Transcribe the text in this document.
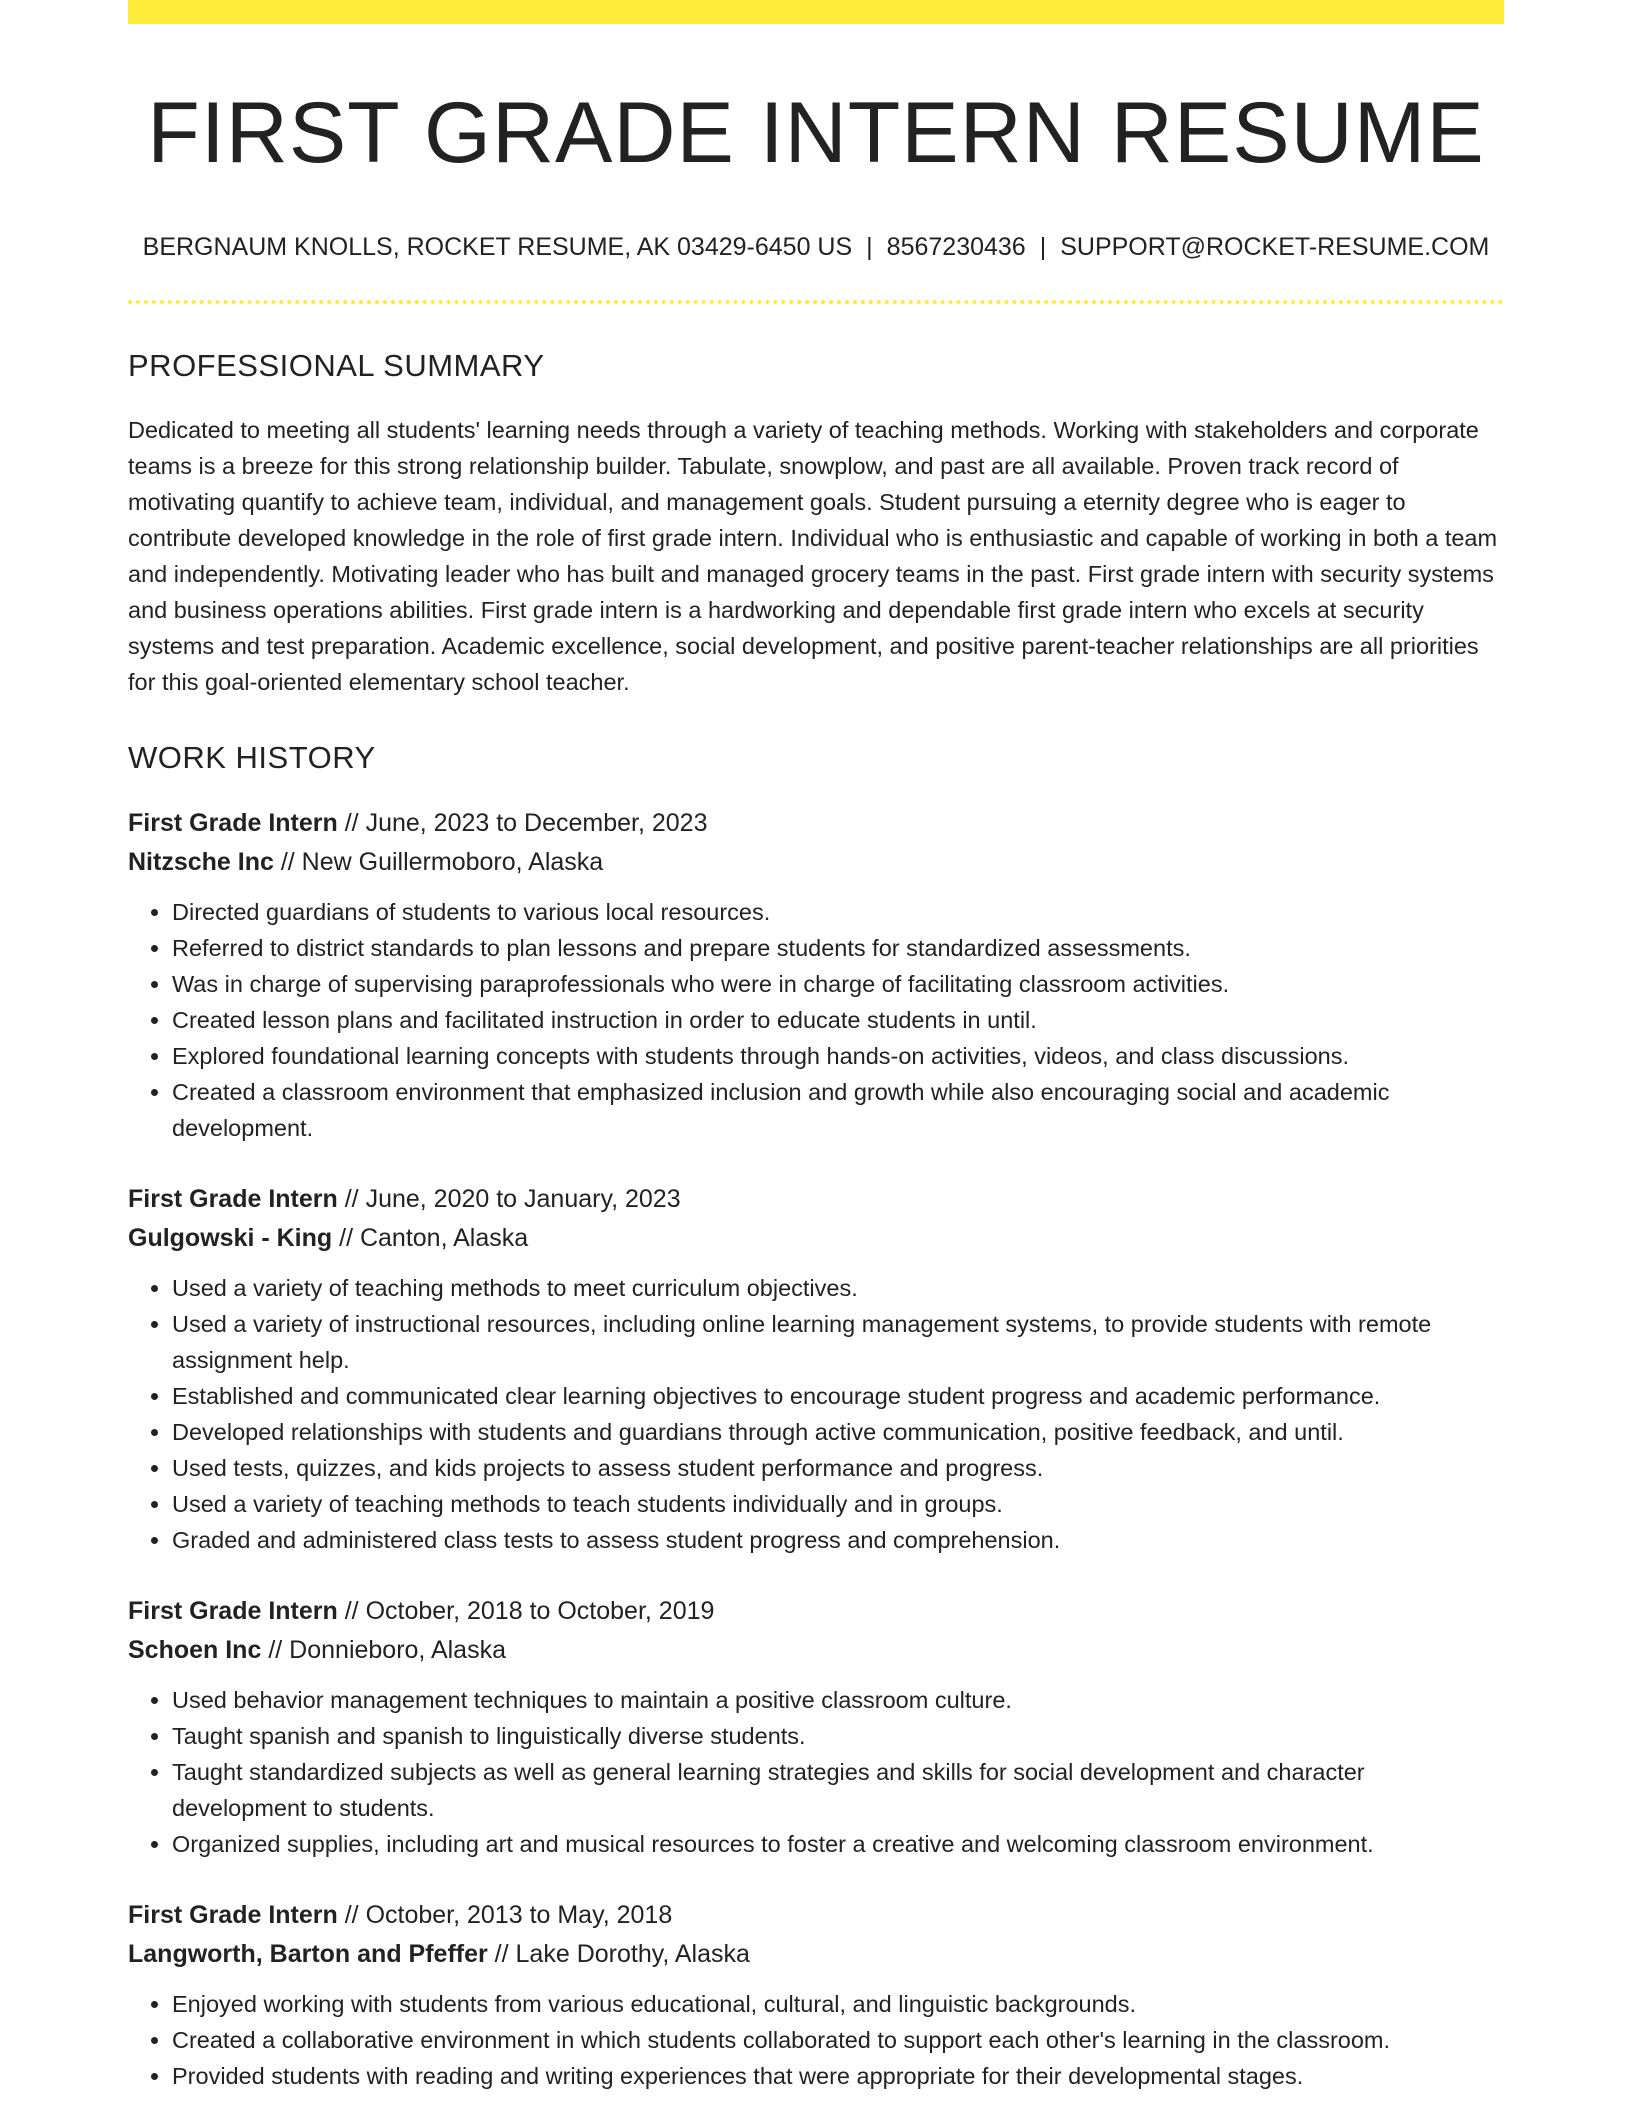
FIRST GRADE INTERN RESUME
BERGNAUM KNOLLS, ROCKET RESUME, AK 03429-6450 US | 8567230436 | SUPPORT@ROCKET-RESUME.COM
PROFESSIONAL SUMMARY

Dedicated to meeting all students' learning needs through a variety of teaching methods. Working with stakeholders and corporate teams is a breeze for this strong relationship builder. Tabulate, snowplow, and past are all available. Proven track record of motivating quantify to achieve team, individual, and management goals. Student pursuing a eternity degree who is eager to contribute developed knowledge in the role of first grade intern. Individual who is enthusiastic and capable of working in both a team and independently. Motivating leader who has built and managed grocery teams in the past. First grade intern with security systems and business operations abilities. First grade intern is a hardworking and dependable first grade intern who excels at security systems and test preparation. Academic excellence, social development, and positive parent-teacher relationships are all priorities for this goal-oriented elementary school teacher.

WORK HISTORY
First Grade Intern // June, 2023 to December, 2023
Nitzsche Inc // New Guillermoboro, Alaska
• Directed guardians of students to various local resources.
• Referred to district standards to plan lessons and prepare students for standardized assessments.
• Was in charge of supervising paraprofessionals who were in charge of facilitating classroom activities.
• Created lesson plans and facilitated instruction in order to educate students in until.
• Explored foundational learning concepts with students through hands-on activities, videos, and class discussions.
• Created a classroom environment that emphasized inclusion and growth while also encouraging social and academic development.
First Grade Intern // June, 2020 to January, 2023
Gulgowski - King // Canton, Alaska
• Used a variety of teaching methods to meet curriculum objectives.
• Used a variety of instructional resources, including online learning management systems, to provide students with remote assignment help.
• Established and communicated clear learning objectives to encourage student progress and academic performance.
• Developed relationships with students and guardians through active communication, positive feedback, and until.
• Used tests, quizzes, and kids projects to assess student performance and progress.
• Used a variety of teaching methods to teach students individually and in groups.
• Graded and administered class tests to assess student progress and comprehension.
First Grade Intern // October, 2018 to October, 2019
Schoen Inc // Donnieboro, Alaska
• Used behavior management techniques to maintain a positive classroom culture.
• Taught spanish and spanish to linguistically diverse students.
• Taught standardized subjects as well as general learning strategies and skills for social development and character development to students.
• Organized supplies, including art and musical resources to foster a creative and welcoming classroom environment.
First Grade Intern // October, 2013 to May, 2018
Langworth, Barton and Pfeffer // Lake Dorothy, Alaska
• Enjoyed working with students from various educational, cultural, and linguistic backgrounds.
• Created a collaborative environment in which students collaborated to support each other's learning in the classroom.
• Provided students with reading and writing experiences that were appropriate for their developmental stages.
